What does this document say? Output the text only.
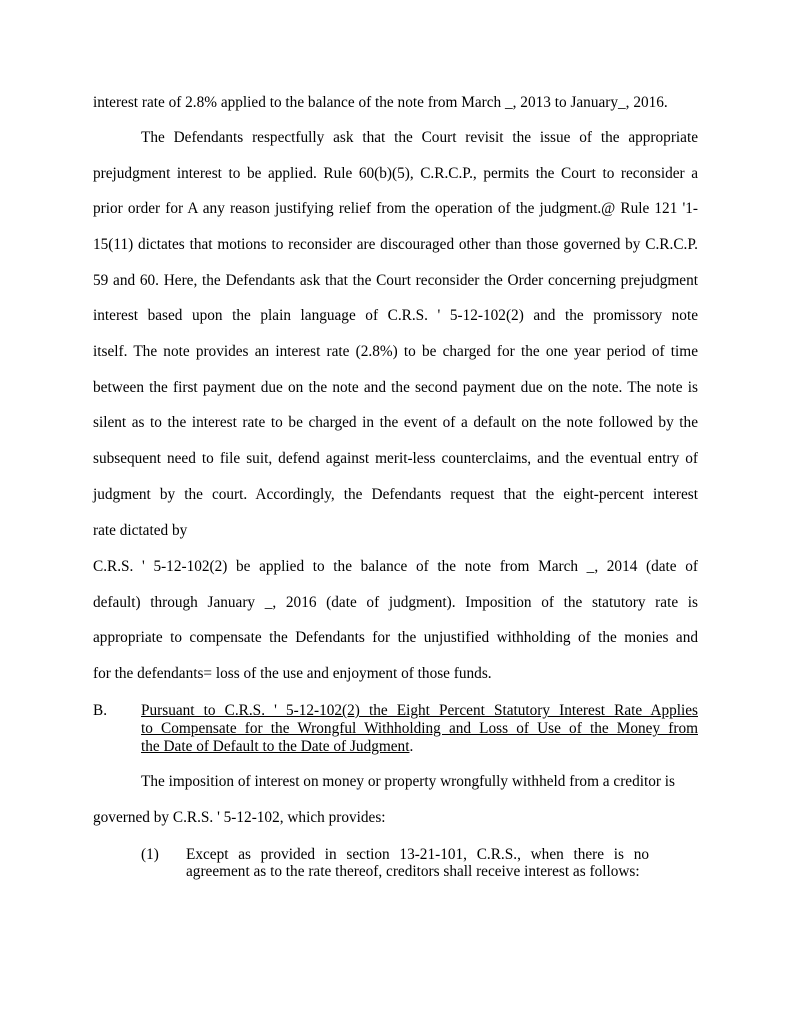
interest rate of 2.8% applied to the balance of the note from March _, 2013 to January_, 2016.
The Defendants respectfully ask that the Court revisit the issue of the appropriate
prejudgment interest to be applied. Rule 60(b)(5), C.R.C.P., permits the Court to reconsider a
prior order for A any reason justifying relief from the operation of the judgment.@ Rule 121 '1-
15(11) dictates that motions to reconsider are discouraged other than those governed by C.R.C.P.
59 and 60. Here, the Defendants ask that the Court reconsider the Order concerning prejudgment
interest based upon the plain language of C.R.S. ' 5-12-102(2) and the promissory note
itself. The note provides an interest rate (2.8%) to be charged for the one year period of time
between the first payment due on the note and the second payment due on the note. The note is
silent as to the interest rate to be charged in the event of a default on the note followed by the
subsequent need to file suit, defend against merit-less counterclaims, and the eventual entry of
judgment by the court. Accordingly, the Defendants request that the eight-percent interest
rate dictated by
C.R.S. ' 5-12-102(2) be applied to the balance of the note from March _, 2014 (date of
default) through January _, 2016 (date of judgment). Imposition of the statutory rate is
appropriate to compensate the Defendants for the unjustified withholding of the monies and
for the defendants= loss of the use and enjoyment of those funds.
B. Pursuant to C.R.S. ' 5-12-102(2) the Eight Percent Statutory Interest Rate Applies
to Compensate for the Wrongful Withholding and Loss of Use of the Money from
the Date of Default to the Date of Judgment.
The imposition of interest on money or property wrongfully withheld from a creditor is
governed by C.R.S. ' 5-12-102, which provides:
(1) Except as provided in section 13-21-101, C.R.S., when there is no
agreement as to the rate thereof, creditors shall receive interest as follows:
